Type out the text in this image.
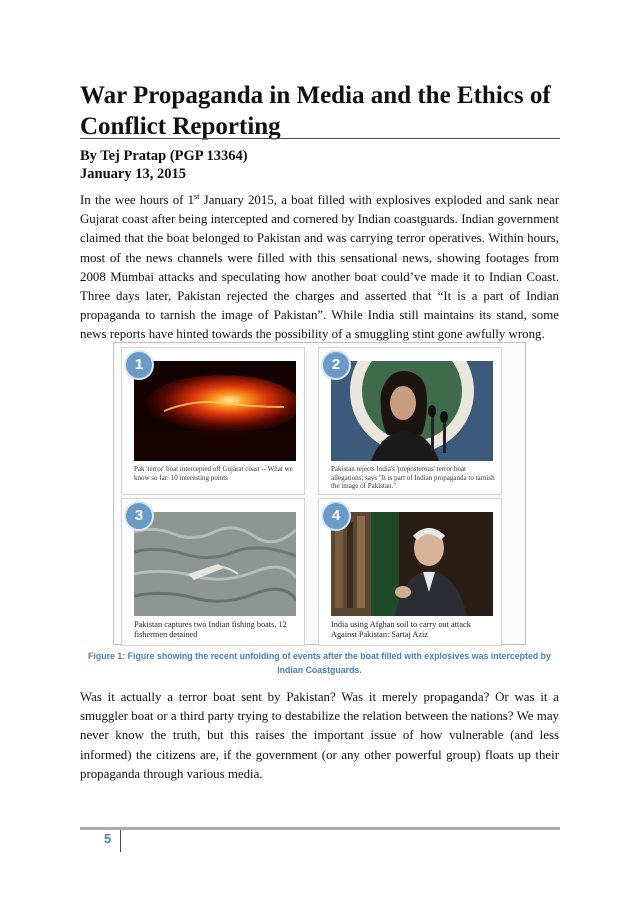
War Propaganda in Media and the Ethics of Conflict Reporting
By Tej Pratap (PGP 13364)
January 13, 2015

In the wee hours of 1st January 2015, a boat filled with explosives exploded and sank near Gujarat coast after being intercepted and cornered by Indian coastguards. Indian government claimed that the boat belonged to Pakistan and was carrying terror operatives. Within hours, most of the news channels were filled with this sensational news, showing footages from 2008 Mumbai attacks and speculating how another boat could’ve made it to Indian Coast. Three days later, Pakistan rejected the charges and asserted that “It is a part of Indian propaganda to tarnish the image of Pakistan”. While India still maintains its stand, some news reports have hinted towards the possibility of a smuggling stint gone awfully wrong.

1
Pak 'terror' boat intercepted off Gujarat coast -- What we know so far: 10 interesting points
2
Pakistan rejects India's 'preposterous' terror boat allegations; says "It is part of Indian propaganda to tarnish the image of Pakistan."
3
Pakistan captures two Indian fishing boats, 12 fishermen detained
4
India using Afghan soil to carry out attack Against Pakistan: Sartaj Aziz
Figure 1: Figure showing the recent unfolding of events after the boat filled with explosives was intercepted by Indian Coastguards.

Was it actually a terror boat sent by Pakistan? Was it merely propaganda? Or was it a smuggler boat or a third party trying to destabilize the relation between the nations? We may never know the truth, but this raises the important issue of how vulnerable (and less informed) the citizens are, if the government (or any other powerful group) floats up their propaganda through various media.

5
